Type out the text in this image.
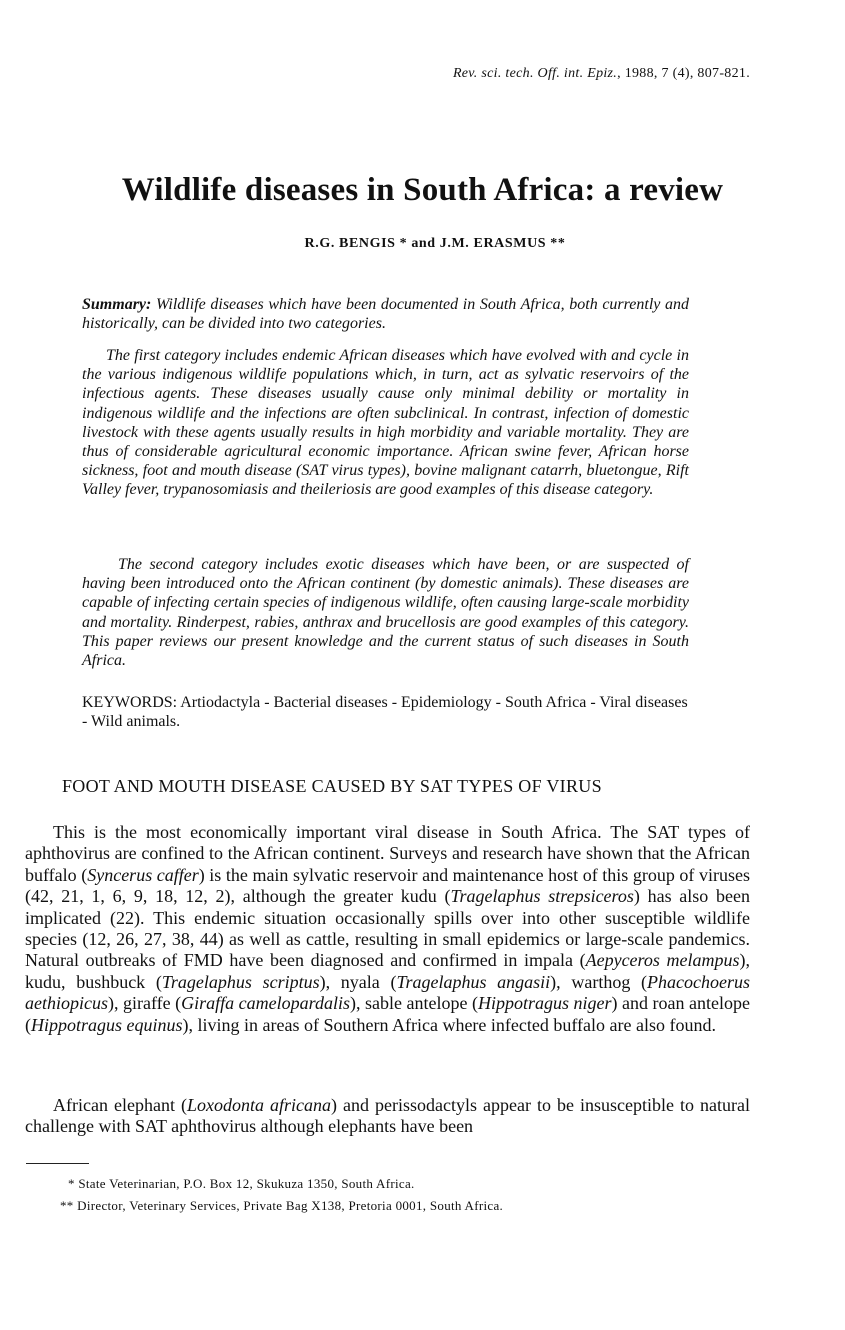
Rev. sci. tech. Off. int. Epiz., 1988, 7 (4), 807-821.
Wildlife diseases in South Africa: a review
R.G. BENGIS * and J.M. ERASMUS **
Summary: Wildlife diseases which have been documented in South Africa, both currently and historically, can be divided into two categories.
The first category includes endemic African diseases which have evolved with and cycle in the various indigenous wildlife populations which, in turn, act as sylvatic reservoirs of the infectious agents. These diseases usually cause only minimal debility or mortality in indigenous wildlife and the infections are often subclinical. In contrast, infection of domestic livestock with these agents usually results in high morbidity and variable mortality. They are thus of considerable agricultural economic importance. African swine fever, African horse sickness, foot and mouth disease (SAT virus types), bovine malignant catarrh, bluetongue, Rift Valley fever, trypanosomiasis and theileriosis are good examples of this disease category.
The second category includes exotic diseases which have been, or are suspected of having been introduced onto the African continent (by domestic animals). These diseases are capable of infecting certain species of indigenous wildlife, often causing large-scale morbidity and mortality. Rinderpest, rabies, anthrax and brucellosis are good examples of this category. This paper reviews our present knowledge and the current status of such diseases in South Africa.
KEYWORDS: Artiodactyla - Bacterial diseases - Epidemiology - South Africa - Viral diseases - Wild animals.
FOOT AND MOUTH DISEASE CAUSED BY SAT TYPES OF VIRUS
This is the most economically important viral disease in South Africa. The SAT types of aphthovirus are confined to the African continent. Surveys and research have shown that the African buffalo (Syncerus caffer) is the main sylvatic reservoir and maintenance host of this group of viruses (42, 21, 1, 6, 9, 18, 12, 2), although the greater kudu (Tragelaphus strepsiceros) has also been implicated (22). This endemic situation occasionally spills over into other susceptible wildlife species (12, 26, 27, 38, 44) as well as cattle, resulting in small epidemics or large-scale pandemics. Natural outbreaks of FMD have been diagnosed and confirmed in impala (Aepyceros melampus), kudu, bushbuck (Tragelaphus scriptus), nyala (Tragelaphus angasii), warthog (Phacochoerus aethiopicus), giraffe (Giraffa camelopardalis), sable antelope (Hippotragus niger) and roan antelope (Hippotragus equinus), living in areas of Southern Africa where infected buffalo are also found.
African elephant (Loxodonta africana) and perissodactyls appear to be insusceptible to natural challenge with SAT aphthovirus although elephants have been
* State Veterinarian, P.O. Box 12, Skukuza 1350, South Africa.
** Director, Veterinary Services, Private Bag X138, Pretoria 0001, South Africa.
